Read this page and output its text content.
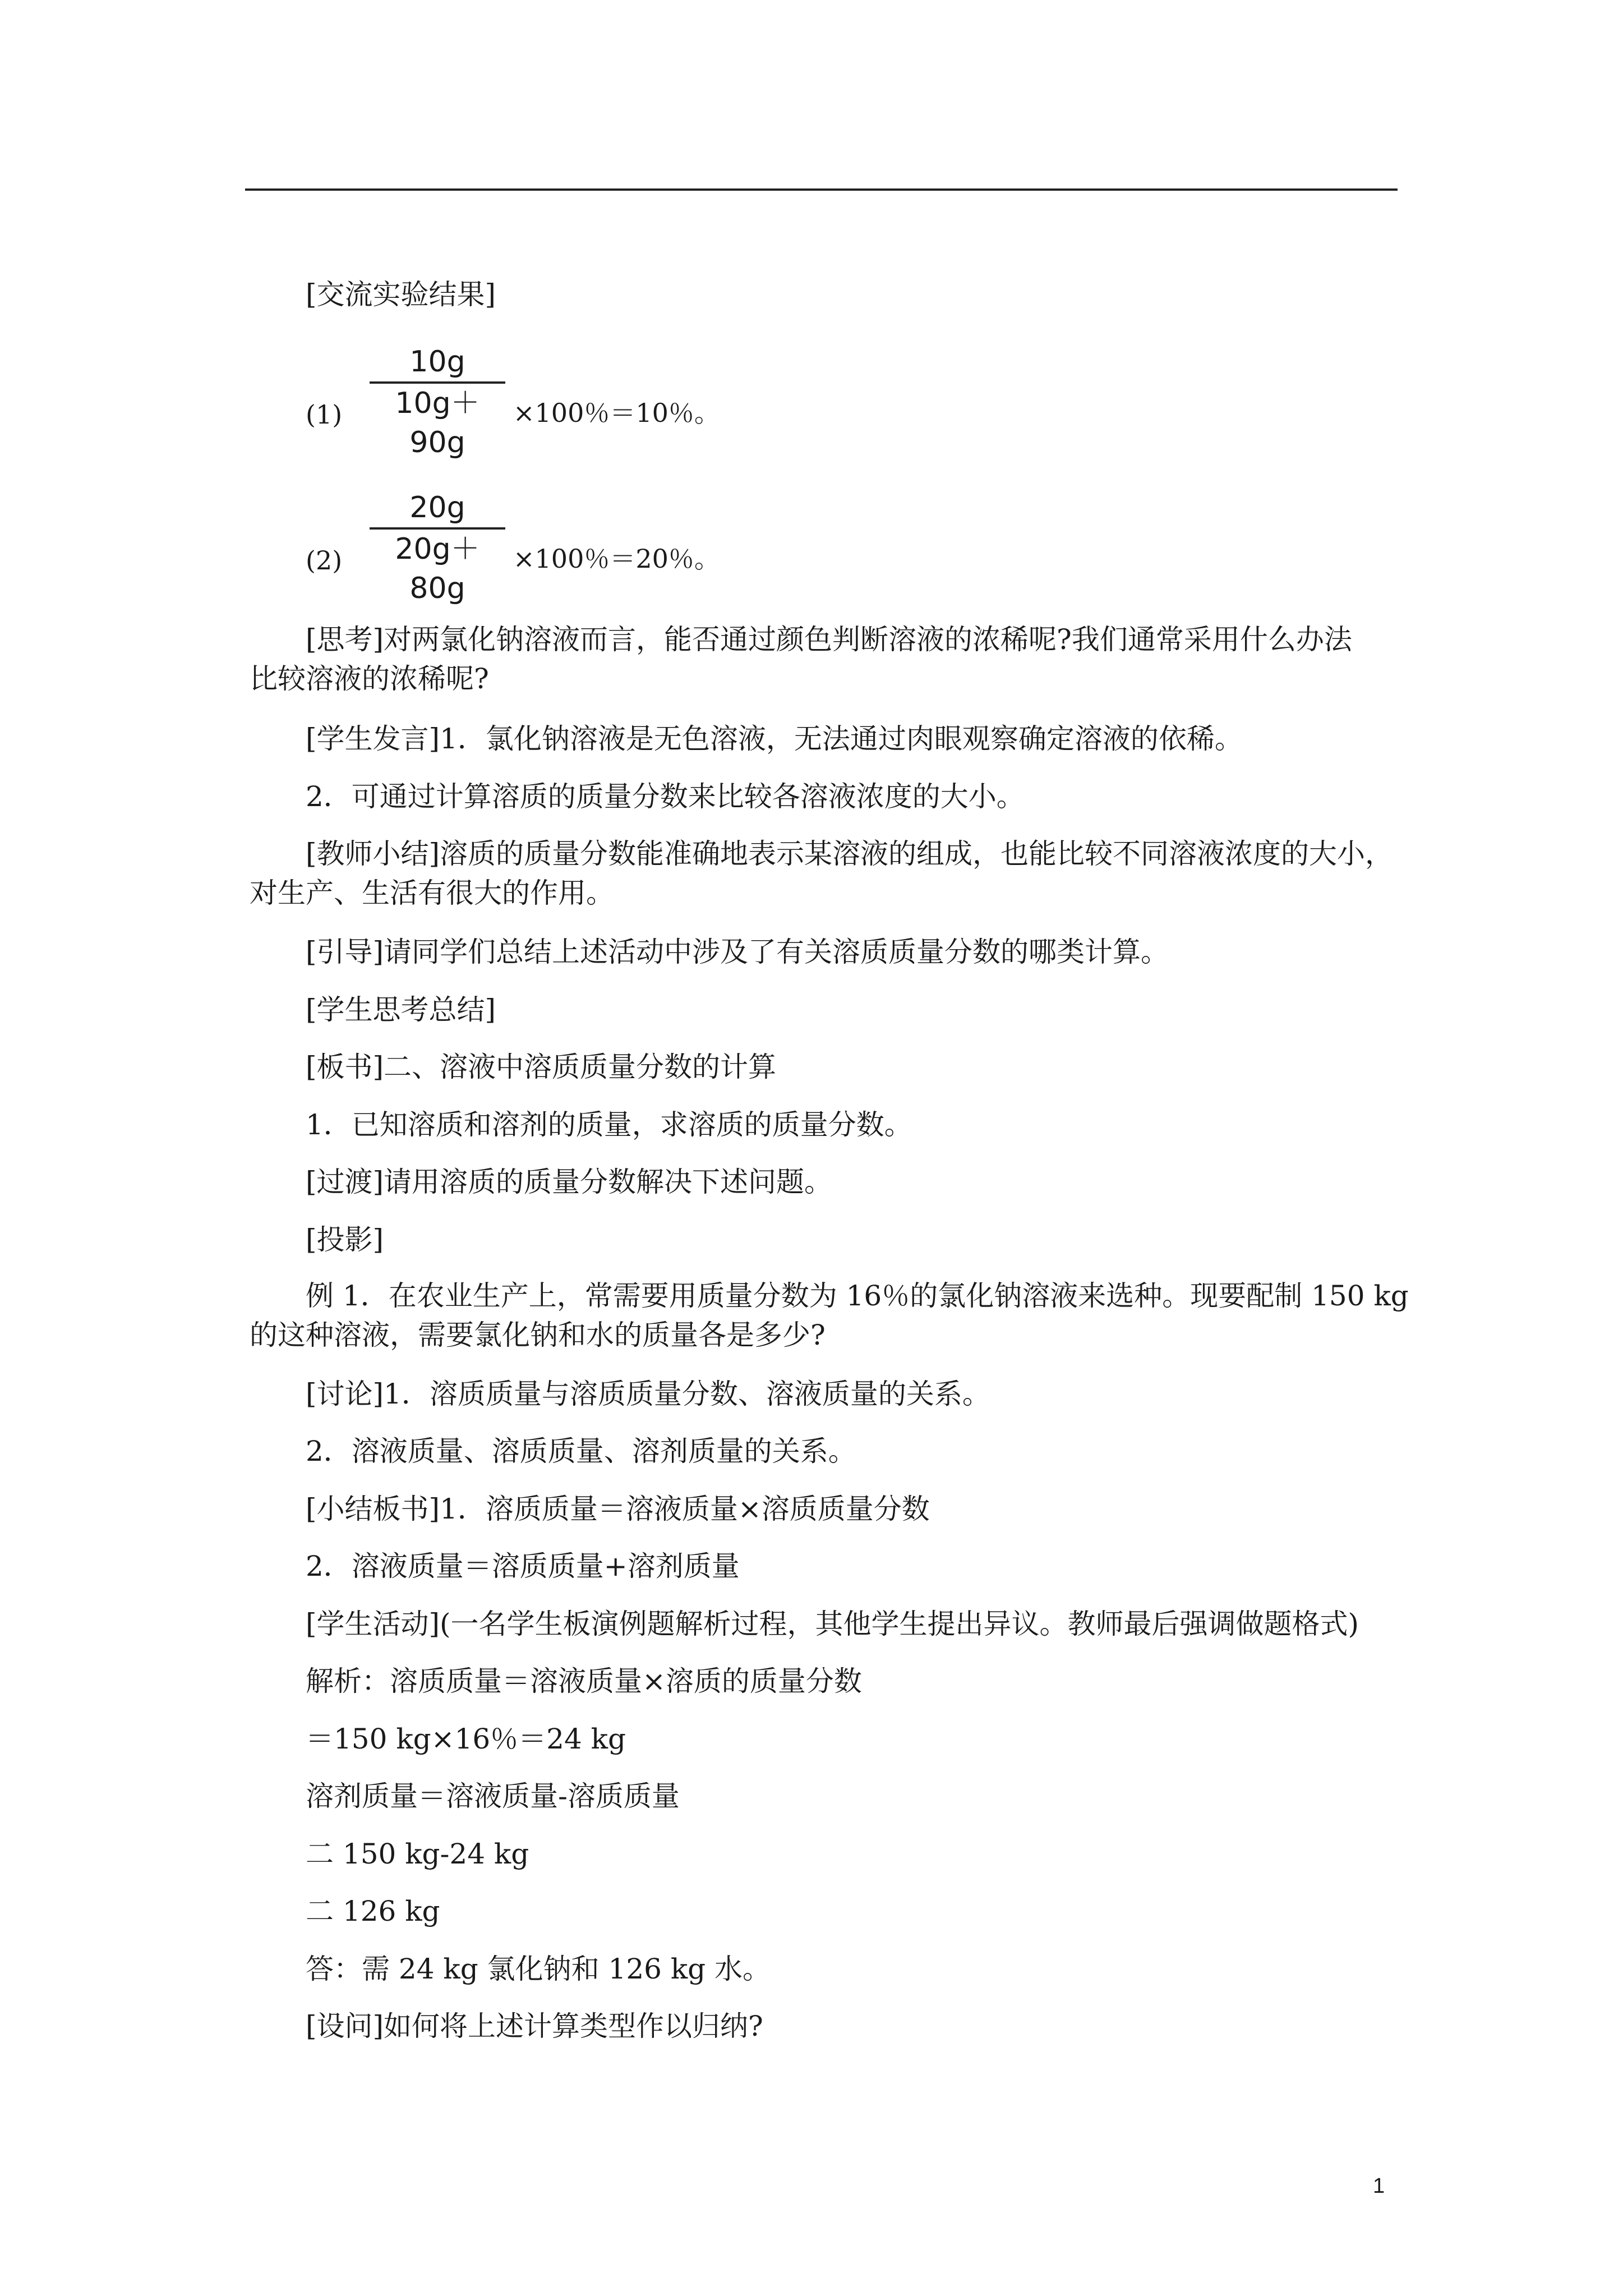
[交流实验结果]
(1)
10g
10g＋90g
×100％＝10％。
(2)
20g
20g＋80g
×100％＝20％。
[思考]对两氯化钠溶液而言，能否通过颜色判断溶液的浓稀呢?我们通常采用什么办法
比较溶液的浓稀呢?
[学生发言]1．氯化钠溶液是无色溶液，无法通过肉眼观察确定溶液的依稀。
2．可通过计算溶质的质量分数来比较各溶液浓度的大小。
[教师小结]溶质的质量分数能准确地表示某溶液的组成，也能比较不同溶液浓度的大小，
对生产、生活有很大的作用。
[引导]请同学们总结上述活动中涉及了有关溶质质量分数的哪类计算。
[学生思考总结]
[板书]二、溶液中溶质质量分数的计算
1．已知溶质和溶剂的质量，求溶质的质量分数。
[过渡]请用溶质的质量分数解决下述问题。
[投影]
例 1．在农业生产上，常需要用质量分数为 16％的氯化钠溶液来选种。现要配制 150 kg
的这种溶液，需要氯化钠和水的质量各是多少?
[讨论]1．溶质质量与溶质质量分数、溶液质量的关系。
2．溶液质量、溶质质量、溶剂质量的关系。
[小结板书]1．溶质质量＝溶液质量×溶质质量分数
2．溶液质量＝溶质质量+溶剂质量
[学生活动](一名学生板演例题解析过程，其他学生提出异议。教师最后强调做题格式)
解析：溶质质量＝溶液质量×溶质的质量分数
＝150 kg×16％＝24 kg
溶剂质量＝溶液质量-溶质质量
二 150 kg-24 kg
二 126 kg
答：需 24 kg 氯化钠和 126 kg 水。
[设问]如何将上述计算类型作以归纳?
1
